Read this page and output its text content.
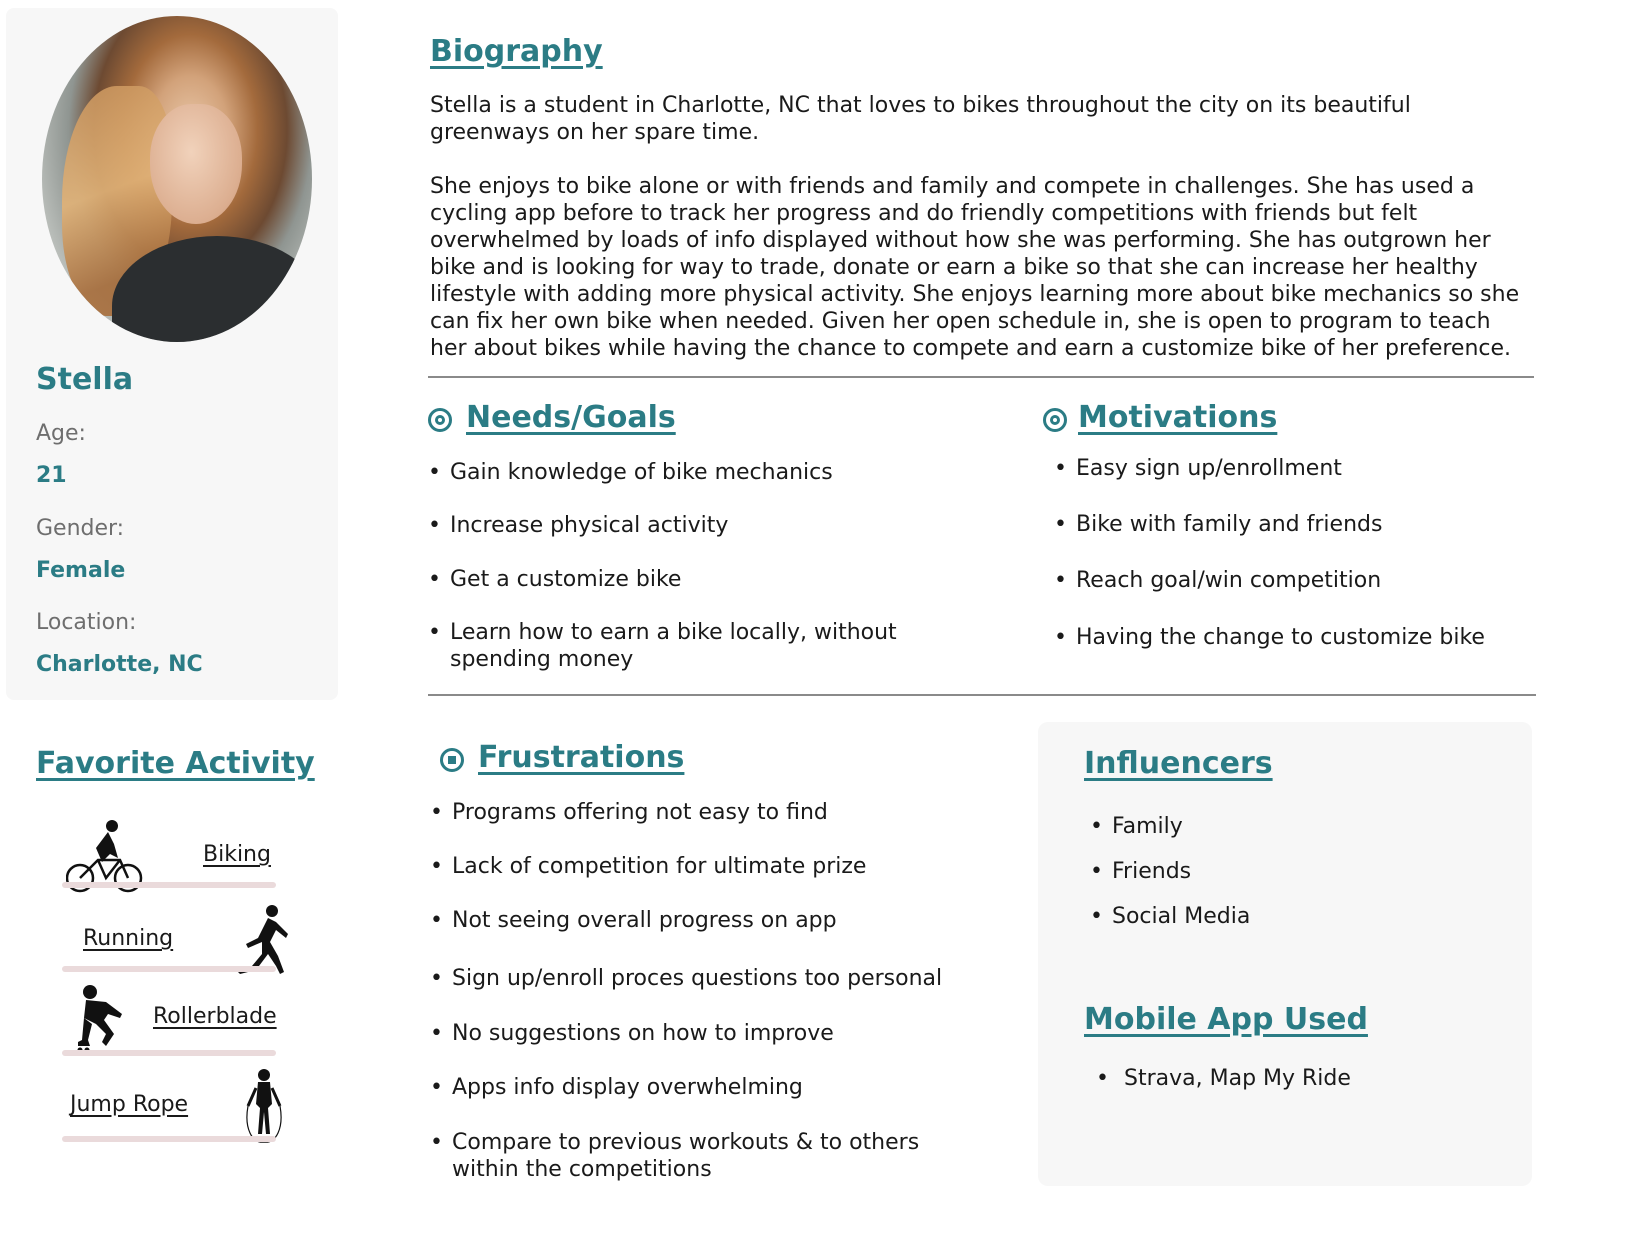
Stella
Age:
21
Gender:
Female
Location:
Charlotte, NC
Biography
Stella is a student in Charlotte, NC that loves to bikes throughout the city on its beautiful greenways on her spare time.
She enjoys to bike alone or with friends and family and compete in challenges. She has used a cycling app before to track her progress and do friendly competitions with friends but felt overwhelmed by loads of info displayed without how she was performing. She has outgrown her bike and is looking for way to trade, donate or earn a bike so that she can increase her healthy lifestyle with adding more physical activity. She enjoys learning more about bike mechanics so she can fix her own bike when needed. Given her open schedule in, she is open to program to teach her about bikes while having the chance to compete and earn a customize bike of her preference.
Needs/Goals
• Gain knowledge of bike mechanics
• Increase physical activity
• Get a customize bike
• Learn how to earn a bike locally, without spending money
Motivations
• Easy sign up/enrollment
• Bike with family and friends
• Reach goal/win competition
• Having the change to customize bike
Favorite Activity
Biking
Running
Rollerblade
Jump Rope
Frustrations
• Programs offering not easy to find
• Lack of competition for ultimate prize
• Not seeing overall progress on app
• Sign up/enroll proces questions too personal
• No suggestions on how to improve
• Apps info display overwhelming
• Compare to previous workouts & to others within the competitions
Influencers
• Family
• Friends
• Social Media
Mobile App Used
• Strava, Map My Ride
